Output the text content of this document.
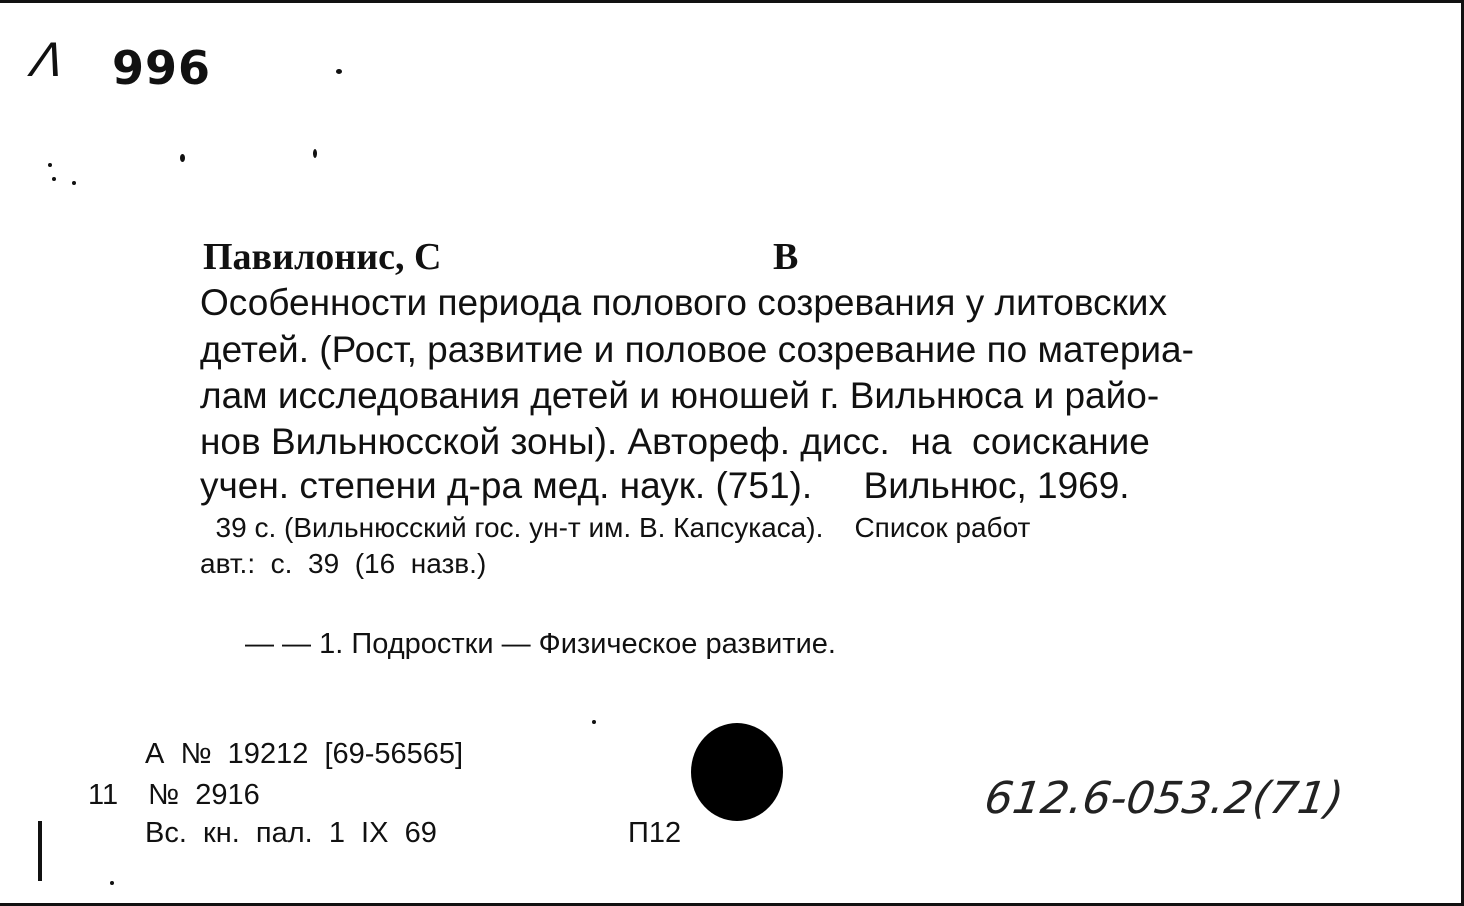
Ʌ 996
Павилонис, С	В
Особенности периода полового созревания у литовских
детей. (Рост, развитие и половое созревание по материа-
лам исследования детей и юношей г. Вильнюса и райо-
нов Вильнюсской зоны). Автореф. дисс.  на  соискание
учен. степени д-ра мед. наук. (751).     Вильнюс, 1969.
39 с. (Вильнюсский гос. ун-т им. В. Капсукаса).    Список работ
авт.:  с.  39  (16  назв.)
— — 1. Подростки — Физическое развитие.
А  №  19212  [69-56565]
11 №  2916
Вс.  кн.  пал.  1  IX  69	П12
612.6-053.2(71)
